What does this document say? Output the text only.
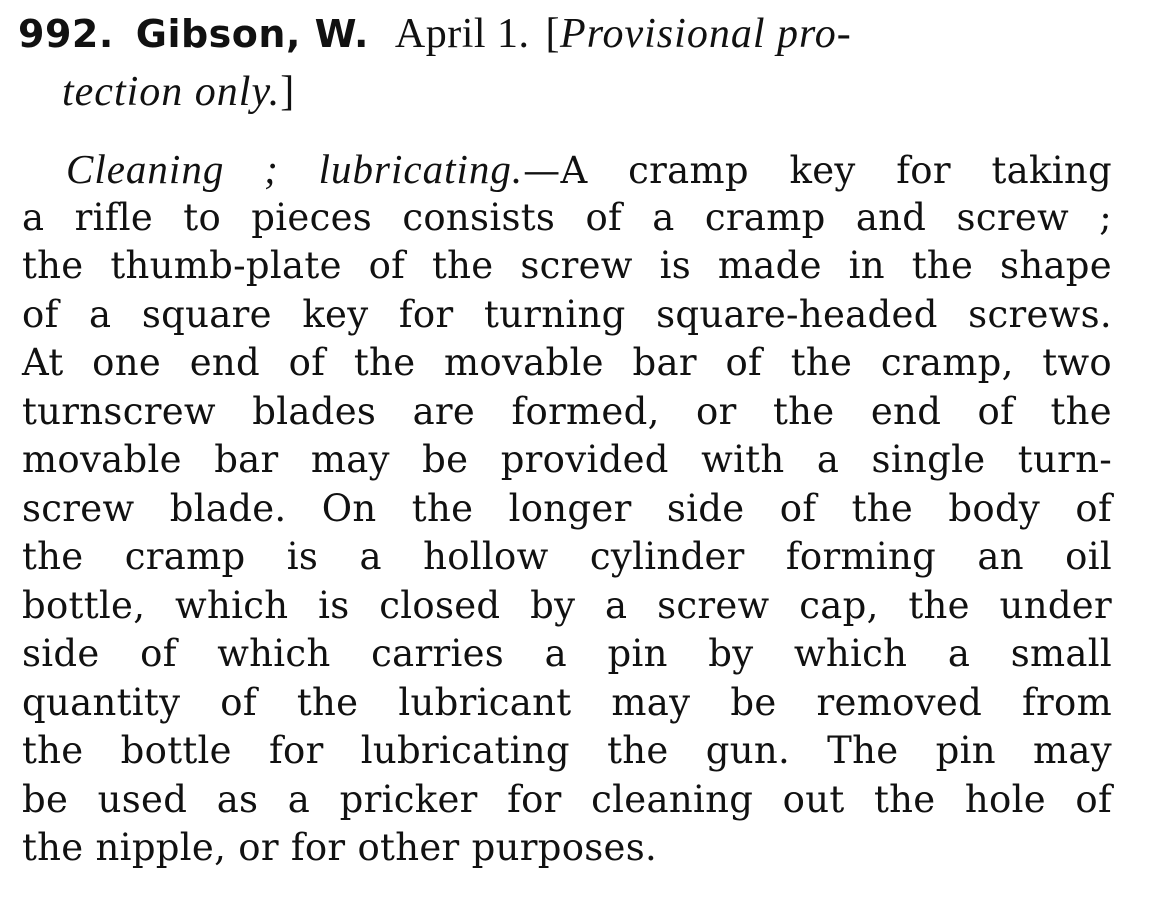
992. Gibson, W. April 1. [Provisional pro-
tection only.]
Cleaning ; lubricating.—A cramp key for taking
a rifle to pieces consists of a cramp and screw ;
the thumb-plate of the screw is made in the shape
of a square key for turning square-headed screws.
At one end of the movable bar of the cramp, two
turnscrew blades are formed, or the end of the
movable bar may be provided with a single turn-
screw blade. On the longer side of the body of
the cramp is a hollow cylinder forming an oil
bottle, which is closed by a screw cap, the under
side of which carries a pin by which a small
quantity of the lubricant may be removed from
the bottle for lubricating the gun. The pin may
be used as a pricker for cleaning out the hole of
the nipple, or for other purposes.
